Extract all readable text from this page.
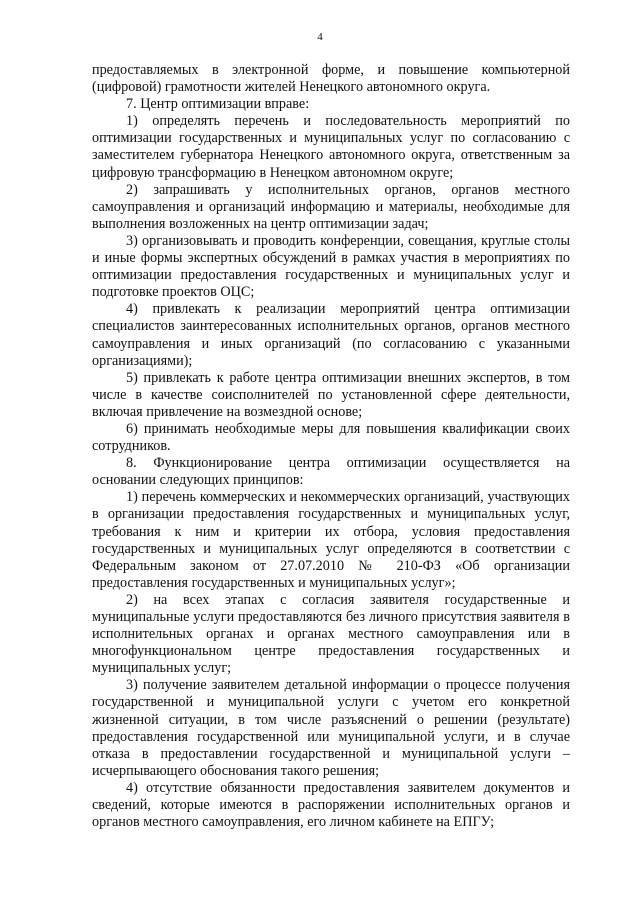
4

предоставляемых в электронной форме, и повышение компьютерной (цифровой) грамотности жителей Ненецкого автономного округа.

7. Центр оптимизации вправе:

1) определять перечень и последовательность мероприятий по оптимизации государственных и муниципальных услуг по согласованию с заместителем губернатора Ненецкого автономного округа, ответственным за цифровую трансформацию в Ненецком автономном округе;

2) запрашивать у исполнительных органов, органов местного самоуправления и организаций информацию и материалы, необходимые для выполнения возложенных на центр оптимизации задач;

3) организовывать и проводить конференции, совещания, круглые столы и иные формы экспертных обсуждений в рамках участия в мероприятиях по оптимизации предоставления государственных и муниципальных услуг и подготовке проектов ОЦС;

4) привлекать к реализации мероприятий центра оптимизации специалистов заинтересованных исполнительных органов, органов местного самоуправления и иных организаций (по согласованию с указанными организациями);

5) привлекать к работе центра оптимизации внешних экспертов, в том числе в качестве соисполнителей по установленной сфере деятельности, включая привлечение на возмездной основе;

6) принимать необходимые меры для повышения квалификации своих сотрудников.

8. Функционирование центра оптимизации осуществляется на основании следующих принципов:

1) перечень коммерческих и некоммерческих организаций, участвующих в организации предоставления государственных и муниципальных услуг, требования к ним и критерии их отбора, условия предоставления государственных и муниципальных услуг определяются в соответствии с Федеральным законом от 27.07.2010 № 210-ФЗ «Об организации предоставления государственных и муниципальных услуг»;

2) на всех этапах с согласия заявителя государственные и муниципальные услуги предоставляются без личного присутствия заявителя в исполнительных органах и органах местного самоуправления или в многофункциональном центре предоставления государственных и муниципальных услуг;

3) получение заявителем детальной информации о процессе получения государственной и муниципальной услуги с учетом его конкретной жизненной ситуации, в том числе разъяснений о решении (результате) предоставления государственной или муниципальной услуги, и в случае отказа в предоставлении государственной и муниципальной услуги – исчерпывающего обоснования такого решения;

4) отсутствие обязанности предоставления заявителем документов и сведений, которые имеются в распоряжении исполнительных органов и органов местного самоуправления, его личном кабинете на ЕПГУ;
